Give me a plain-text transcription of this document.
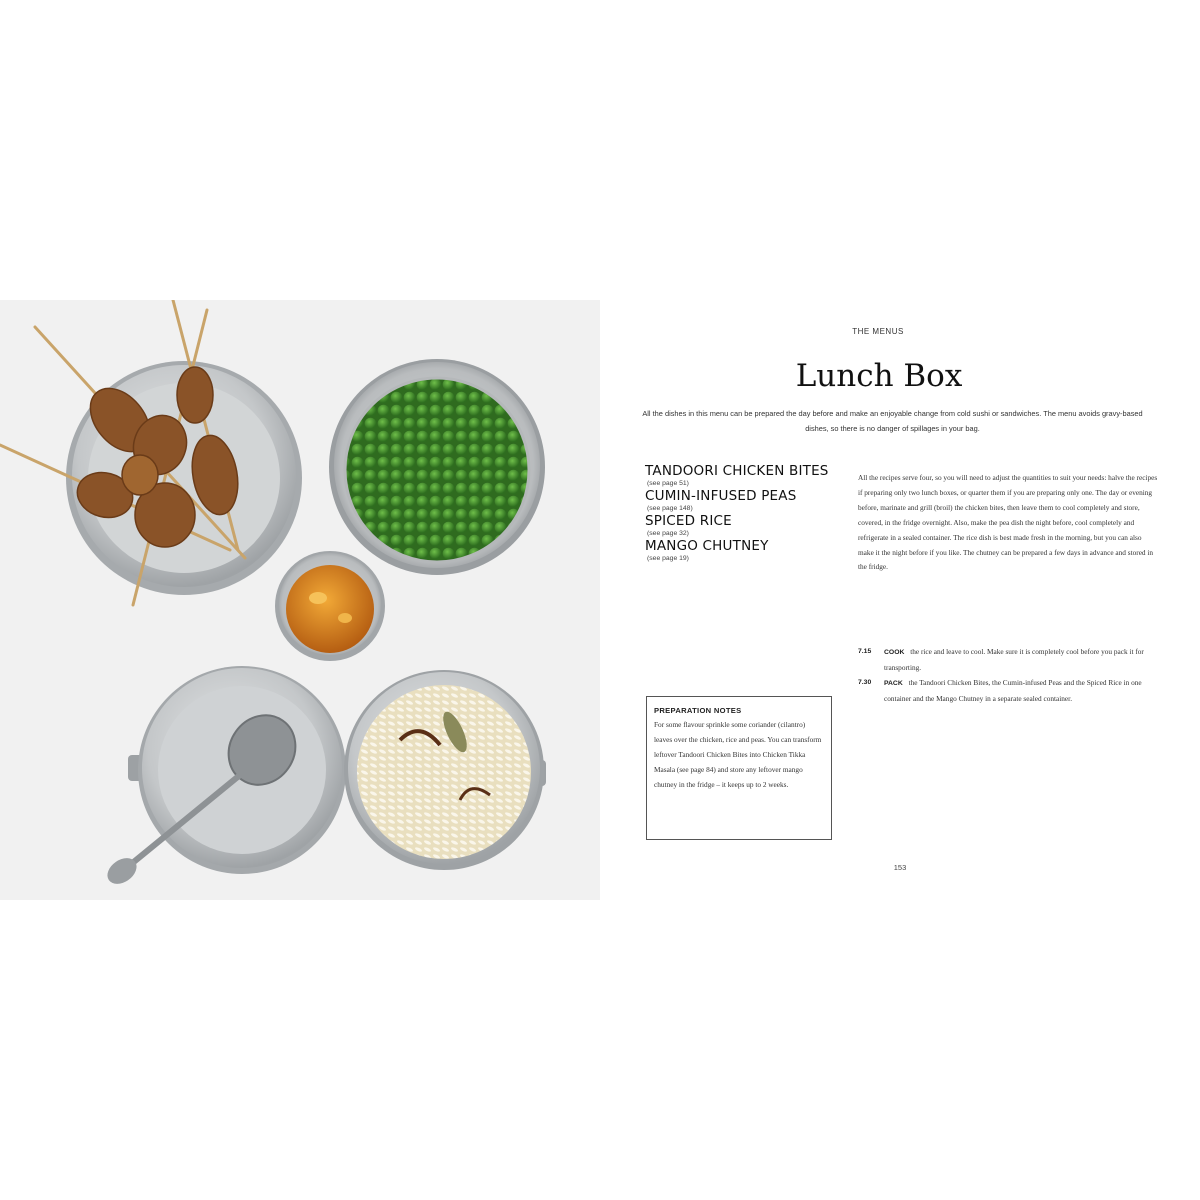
THE MENUS
Lunch Box
All the dishes in this menu can be prepared the day before and make an enjoyable change from cold sushi or sandwiches. The menu avoids gravy-based dishes, so there is no danger of spillages in your bag.
TANDOORI CHICKEN BITES
(see page 51)
CUMIN-INFUSED PEAS
(see page 148)
SPICED RICE
(see page 32)
MANGO CHUTNEY
(see page 19)
All the recipes serve four, so you will need to adjust the quantities to suit your needs: halve the recipes if preparing only two lunch boxes, or quarter them if you are preparing only one. The day or evening before, marinate and grill (broil) the chicken bites, then leave them to cool completely and store, covered, in the fridge overnight. Also, make the pea dish the night before, cool completely and refrigerate in a sealed container. The rice dish is best made fresh in the morning, but you can also make it the night before if you like. The chutney can be prepared a few days in advance and stored in the fridge.
7.15 COOK the rice and leave to cool. Make sure it is completely cool before you pack it for transporting.
7.30 PACK the Tandoori Chicken Bites, the Cumin-infused Peas and the Spiced Rice in one container and the Mango Chutney in a separate sealed container.
PREPARATION NOTES
For some flavour sprinkle some coriander (cilantro) leaves over the chicken, rice and peas. You can transform leftover Tandoori Chicken Bites into Chicken Tikka Masala (see page 84) and store any leftover mango chutney in the fridge – it keeps up to 2 weeks.
153
